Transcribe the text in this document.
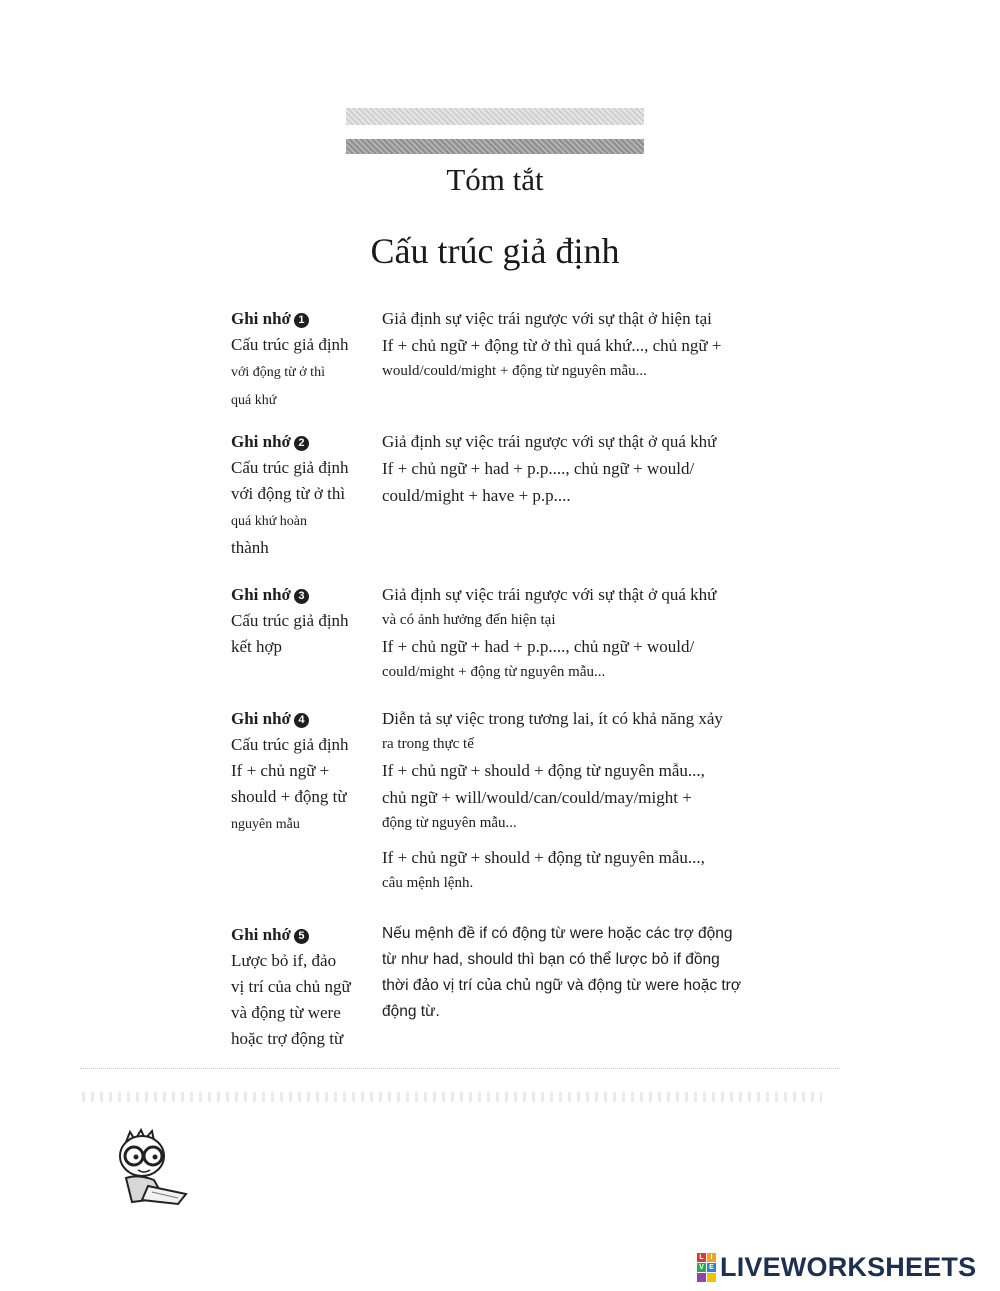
Tóm tắt
Cấu trúc giả định
Ghi nhớ 1
Cấu trúc giả định
với động từ ở thì
quá khứ
Giả định sự việc trái ngược với sự thật ở hiện tại
If + chủ ngữ + động từ ở thì quá khứ..., chủ ngữ +
would/could/might + động từ nguyên mẫu...
Ghi nhớ 2
Cấu trúc giả định
với động từ ở thì
quá khứ hoàn
thành
Giả định sự việc trái ngược với sự thật ở quá khứ
If + chủ ngữ + had + p.p...., chủ ngữ + would/
could/might + have + p.p....
Ghi nhớ 3
Cấu trúc giả định
kết hợp
Giả định sự việc trái ngược với sự thật ở quá khứ
và có ảnh hưởng đến hiện tại
If + chủ ngữ + had + p.p...., chủ ngữ + would/
could/might + động từ nguyên mẫu...
Ghi nhớ 4
Cấu trúc giả định
If + chủ ngữ +
should + động từ
nguyên mẫu
Diễn tả sự việc trong tương lai, ít có khả năng xảy
ra trong thực tế
If + chủ ngữ + should + động từ nguyên mẫu...,
chủ ngữ + will/would/can/could/may/might +
động từ nguyên mẫu...
If + chủ ngữ + should + động từ nguyên mẫu...,
câu mệnh lệnh.
Ghi nhớ 5
Lược bỏ if, đảo
vị trí của chủ ngữ
và động từ were
hoặc trợ động từ
Nếu mệnh đề if có động từ were hoặc các trợ động
từ như had, should thì bạn có thể lược bỏ if đồng
thời đảo vị trí của chủ ngữ và động từ were hoặc trợ
động từ.
L I
V E LIVEWORKSHEETS
